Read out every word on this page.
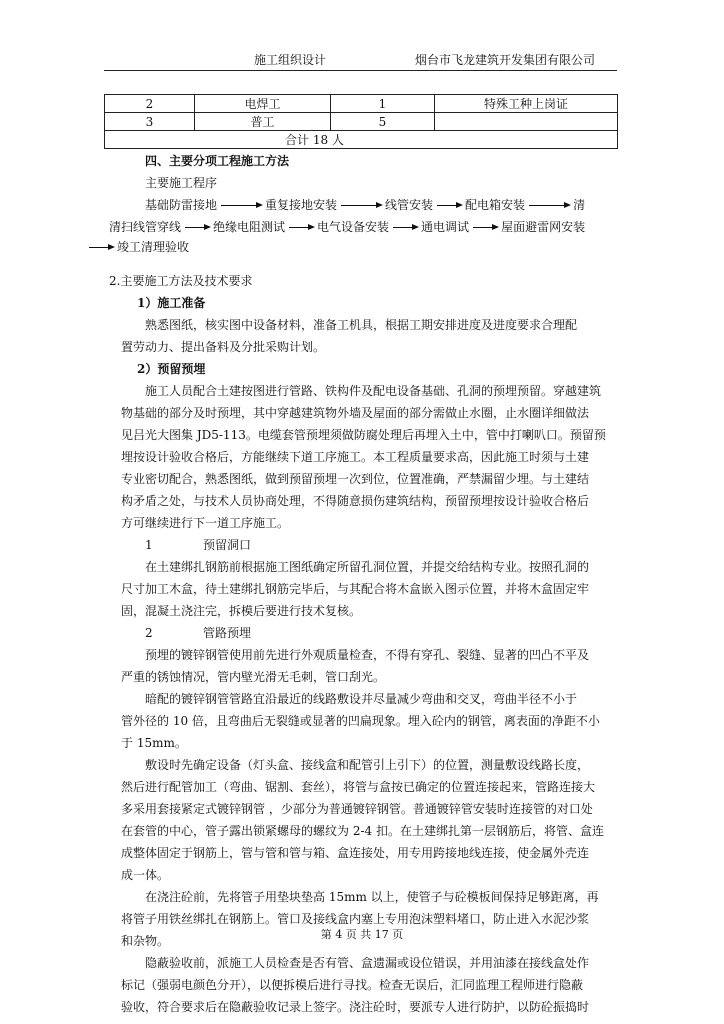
施工组织设计	烟台市飞龙建筑开发集团有限公司
2	电焊工	1	特殊工种上岗证
3	普工	5	
合计 18 人			
四、主要分项工程施工方法
主要施工程序
基础防雷接地	重复接地安装	线管安装	配电箱安装	清
清扫线管穿线	绝缘电阻测试	电气设备安装	通电调试	屋面避雷网安装
竣工清理验收
2.主要施工方法及技术要求
1）施工准备
熟悉图纸，核实图中设备材料，准备工机具，根据工期安排进度及进度要求合理配
置劳动力、提出备料及分批采购计划。
2）预留预埋
施工人员配合土建按图进行管路、铁构件及配电设备基础、孔洞的预埋预留。穿越建筑
物基础的部分及时预埋，其中穿越建筑物外墙及屋面的部分需做止水圈，止水圈详细做法
见吕光大图集 JD5-113。电缆套管预埋须做防腐处理后再埋入土中，管中打喇叭口。预留预
埋按设计验收合格后，方能继续下道工序施工。本工程质量要求高，因此施工时须与土建
专业密切配合，熟悉图纸，做到预留预埋一次到位，位置准确，严禁漏留少埋。与土建结
构矛盾之处，与技术人员协商处理，不得随意损伤建筑结构，预留预埋按设计验收合格后
方可继续进行下一道工序施工。
1	预留洞口
在土建绑扎钢筋前根据施工图纸确定所留孔洞位置，并提交给结构专业。按照孔洞的
尺寸加工木盒，待土建绑扎钢筋完毕后，与其配合将木盒嵌入图示位置，并将木盒固定牢
固，混凝土浇注完，拆模后要进行技术复核。
2	管路预埋
预埋的镀锌钢管使用前先进行外观质量检查，不得有穿孔、裂缝、显著的凹凸不平及
严重的锈蚀情况，管内壁光滑无毛刺，管口刮光。
暗配的镀锌钢管管路宜沿最近的线路敷设并尽量减少弯曲和交叉，弯曲半径不小于
管外径的 10 倍，且弯曲后无裂缝或显著的凹扁现象。埋入砼内的钢管，离表面的净距不小
于 15mm。
敷设时先确定设备（灯头盒、接线盒和配管引上引下）的位置，测量敷设线路长度，
然后进行配管加工（弯曲、锯割、套丝），将管与盒按已确定的位置连接起来，管路连接大
多采用套接紧定式镀锌钢管 ，少部分为普通镀锌钢管。普通镀锌管安装时连接管的对口处
在套管的中心，管子露出锁紧螺母的螺纹为 2-4 扣。在土建绑扎第一层钢筋后，将管、盒连
成整体固定于钢筋上，管与管和管与箱、盒连接处，用专用跨接地线连接，使金属外壳连
成一体。
在浇注砼前，先将管子用垫块垫高 15mm 以上，使管子与砼模板间保持足够距离，再
将管子用铁丝绑扎在钢筋上。管口及接线盒内塞上专用泡沫塑料堵口，防止进入水泥沙浆
和杂物。
隐蔽验收前，派施工人员检查是否有管、盒遗漏或设位错误，并用油漆在接线盒处作
标记（强弱电颜色分开），以便拆模后进行寻找。检查无误后，汇同监理工程师进行隐蔽
验收，符合要求后在隐蔽验收记录上签字。浇注砼时，要派专人进行防护，以防砼振捣时
第 4 页 共 17 页
